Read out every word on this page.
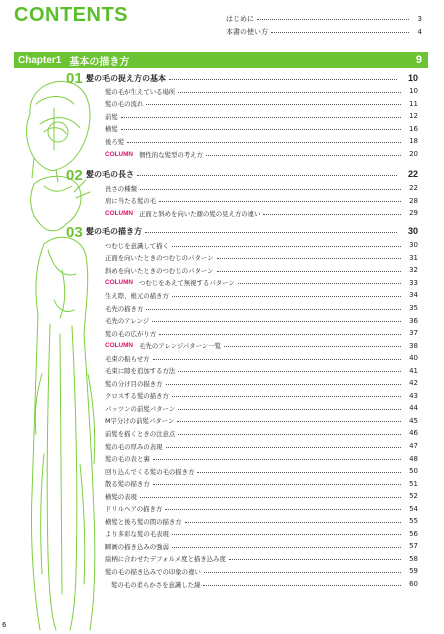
CONTENTS	はじめに	3
本書の使い方	4
Chapter1 基本の描き方	9
01 髪の毛の捉え方の基本	10
髪の毛が生えている場所	10
髪の毛の流れ	11
前髪	12
横髪	16
後ろ髪	18
COLUMN 個性的な髪型の考え方	20
02 髪の毛の長さ	22
長さの種類	22
肩に当たる髪の毛	28
COLUMN 正面と斜めを向いた顔の髪の見え方の違い	29
03 髪の毛の描き方	30
つむじを意識して描く	30
正面を向いたときのつむじのパターン	31
斜めを向いたときのつむじのパターン	32
COLUMN つむじをあえて無視するパターン	33
生え際、根元の描き方	34
毛先の描き方	35
毛先のアレンジ	36
髪の毛の広がり方	37
COLUMN 毛先のアレンジパターン一覧	38
毛束の振らせ方	40
毛束に隙を追加する方法	41
髪の分け目の描き方	42
クロスする髪の描き方	43
パッツンの前髪パターン	44
M字分けの前髪パターン	45
前髪を描くときの注意点	46
髪の毛の厚みの表現	47
髪の毛の表と裏	48
回り込んでくる髪の毛の描き方	50
散る髪の描き方	51
横髪の表現	52
ドリルヘアの描き方	54
横髪と後ろ髪の間の描き方	55
より多彩な髪の毛表現	56
瞬画の描き込みの強弱	57
絵柄に合わせたデフォルメ度と描き込み度	58
髪の毛の描き込みでの印象の違い	59
髪の毛の柔らかさを意識した線	60
6
